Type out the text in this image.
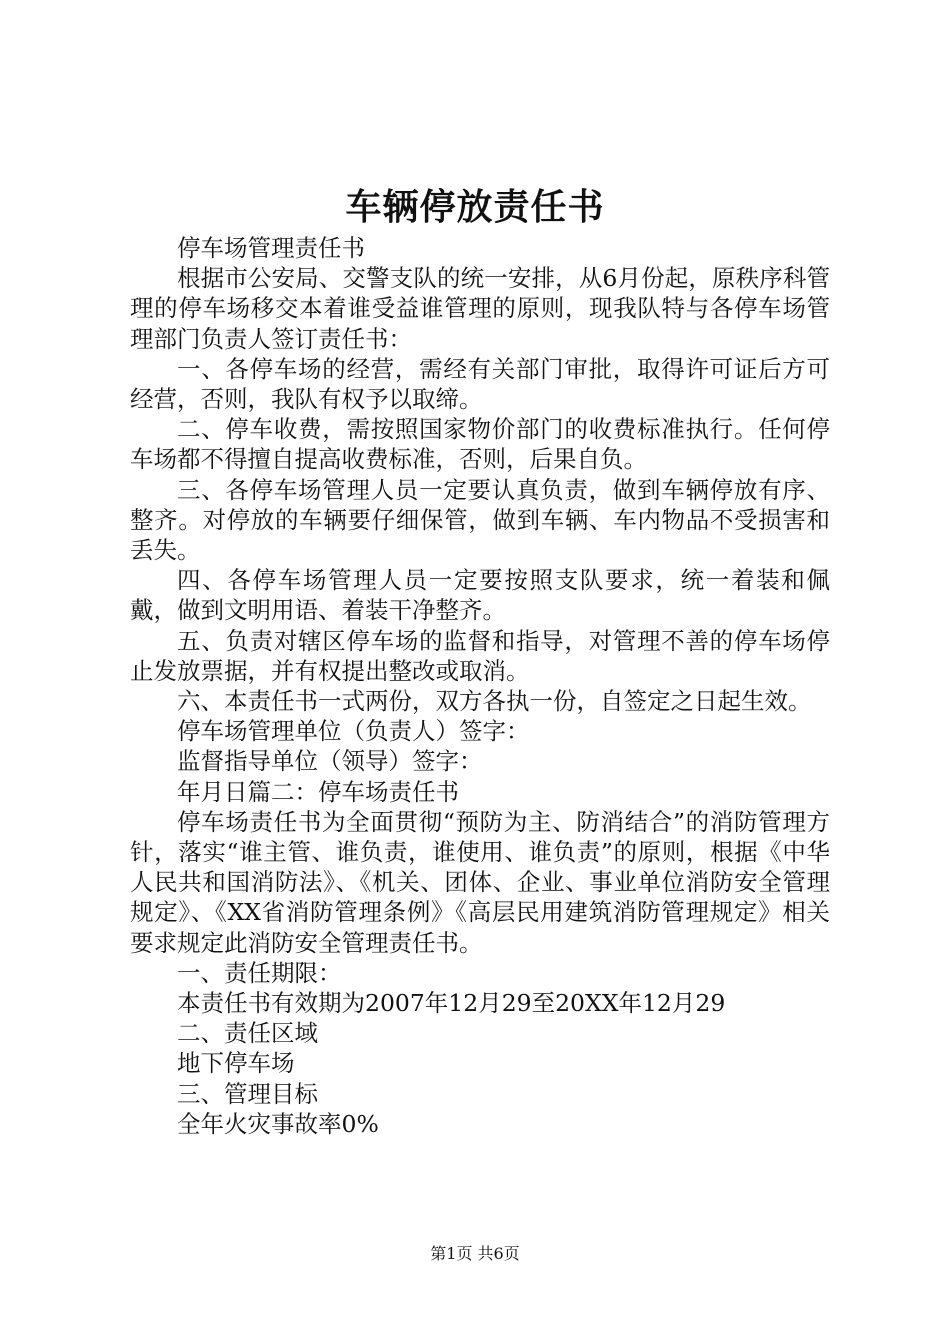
车辆停放责任书

停车场管理责任书

根据市公安局、交警支队的统一安排，从6月份起，原秩序科管理的停车场移交本着谁受益谁管理的原则，现我队特与各停车场管理部门负责人签订责任书：

一、各停车场的经营，需经有关部门审批，取得许可证后方可经营，否则，我队有权予以取缔。

二、停车收费，需按照国家物价部门的收费标准执行。任何停车场都不得擅自提高收费标准，否则，后果自负。

三、各停车场管理人员一定要认真负责，做到车辆停放有序、整齐。对停放的车辆要仔细保管，做到车辆、车内物品不受损害和丢失。

四、各停车场管理人员一定要按照支队要求，统一着装和佩戴，做到文明用语、着装干净整齐。

五、负责对辖区停车场的监督和指导，对管理不善的停车场停止发放票据，并有权提出整改或取消。

六、本责任书一式两份，双方各执一份，自签定之日起生效。

停车场管理单位（负责人）签字：

监督指导单位（领导）签字：

年月日篇二：停车场责任书

停车场责任书为全面贯彻“预防为主、防消结合”的消防管理方针，落实“谁主管、谁负责，谁使用、谁负责”的原则，根据《中华人民共和国消防法》、《机关、团体、企业、事业单位消防安全管理规定》、《XX省消防管理条例》《高层民用建筑消防管理规定》相关要求规定此消防安全管理责任书。

一、责任期限：

本责任书有效期为2007年12月29至20XX年12月29

二、责任区域

地下停车场

三、管理目标

全年火灾事故率0%

第1页 共6页
